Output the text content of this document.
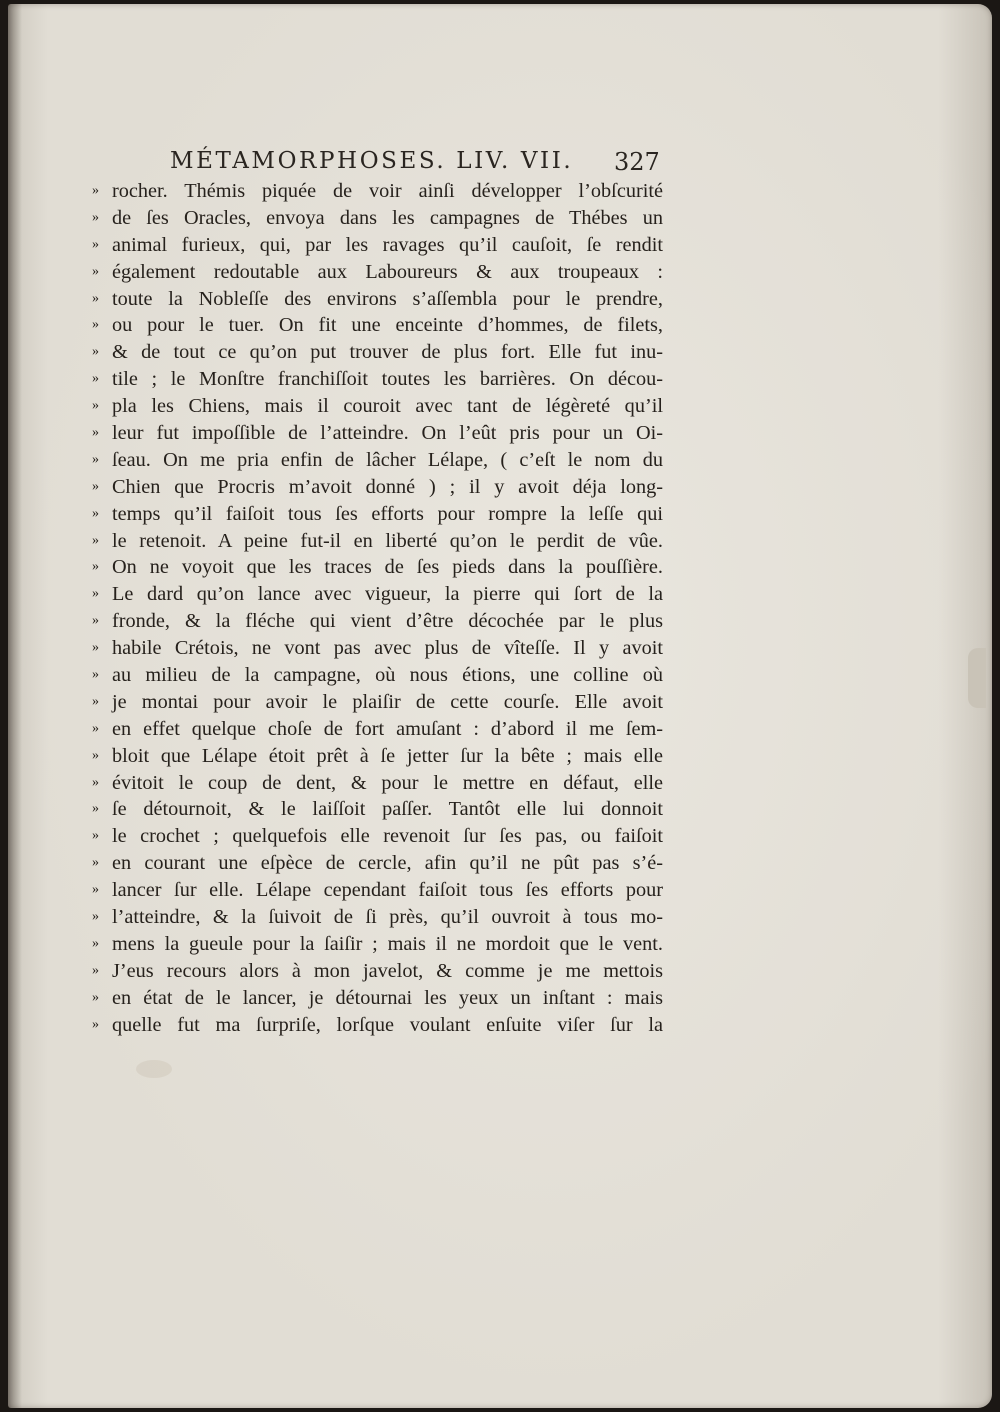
MÉTAMORPHOSES. LIV. VII. 327
» rocher. Thémis piquée de voir ainſi développer l’obſcurité
» de ſes Oracles, envoya dans les campagnes de Thébes un
» animal furieux, qui, par les ravages qu’il cauſoit, ſe rendit
» également redoutable aux Laboureurs & aux troupeaux :
» toute la Nobleſſe des environs s’aſſembla pour le prendre,
» ou pour le tuer. On fit une enceinte d’hommes, de filets,
» & de tout ce qu’on put trouver de plus fort. Elle fut inu-
» tile ; le Monſtre franchiſſoit toutes les barrières. On décou-
» pla les Chiens, mais il couroit avec tant de légèreté qu’il
» leur fut impoſſible de l’atteindre. On l’eût pris pour un Oi-
» ſeau. On me pria enfin de lâcher Lélape, ( c’eſt le nom du
» Chien que Procris m’avoit donné ) ; il y avoit déja long-
» temps qu’il faiſoit tous ſes efforts pour rompre la leſſe qui
» le retenoit. A peine fut-il en liberté qu’on le perdit de vûe.
» On ne voyoit que les traces de ſes pieds dans la pouſſière.
» Le dard qu’on lance avec vigueur, la pierre qui ſort de la
» fronde, & la fléche qui vient d’être décochée par le plus
» habile Crétois, ne vont pas avec plus de vîteſſe. Il y avoit
» au milieu de la campagne, où nous étions, une colline où
» je montai pour avoir le plaiſir de cette courſe. Elle avoit
» en effet quelque choſe de fort amuſant : d’abord il me ſem-
» bloit que Lélape étoit prêt à ſe jetter ſur la bête ; mais elle
» évitoit le coup de dent, & pour le mettre en défaut, elle
» ſe détournoit, & le laiſſoit paſſer. Tantôt elle lui donnoit
» le crochet ; quelquefois elle revenoit ſur ſes pas, ou faiſoit
» en courant une eſpèce de cercle, afin qu’il ne pût pas s’é-
» lancer ſur elle. Lélape cependant faiſoit tous ſes efforts pour
» l’atteindre, & la ſuivoit de ſi près, qu’il ouvroit à tous mo-
» mens la gueule pour la ſaiſir ; mais il ne mordoit que le vent.
» J’eus recours alors à mon javelot, & comme je me mettois
» en état de le lancer, je détournai les yeux un inſtant : mais
» quelle fut ma ſurpriſe, lorſque voulant enſuite viſer ſur la
